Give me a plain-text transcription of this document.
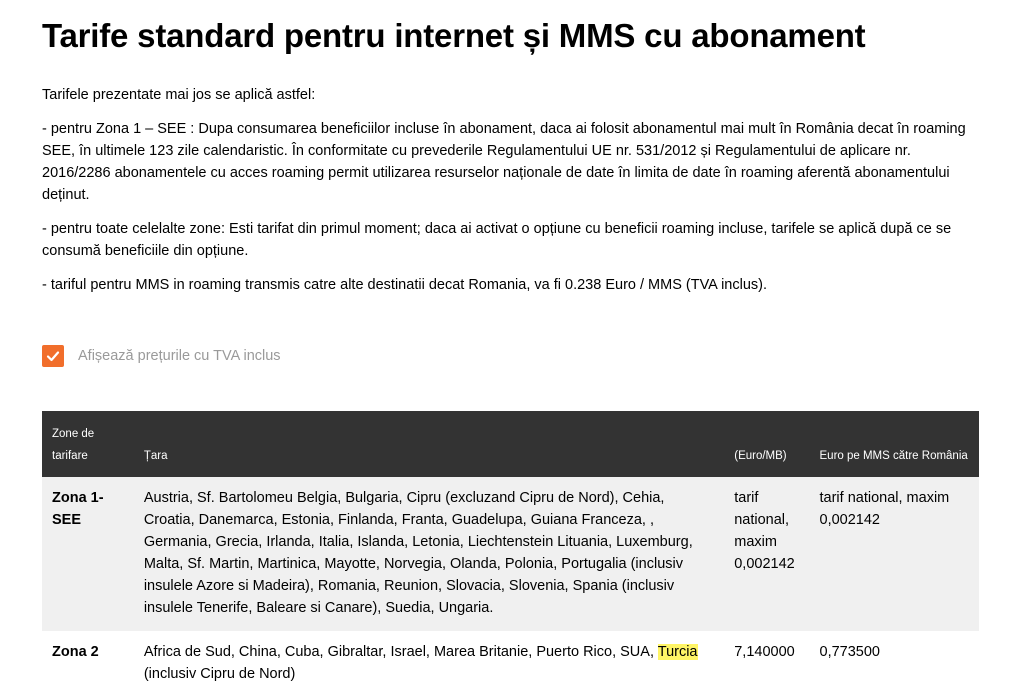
Tarife standard pentru internet și MMS cu abonament

Tarifele prezentate mai jos se aplică astfel:

- pentru Zona 1 – SEE : Dupa consumarea beneficiilor incluse în abonament, daca ai folosit abonamentul mai mult în România decat în roaming SEE, în ultimele 123 zile calendaristic. În conformitate cu prevederile Regulamentului UE nr. 531/2012 și Regulamentului de aplicare nr. 2016/2286 abonamentele cu acces roaming permit utilizarea resurselor naționale de date în limita de date în roaming aferentă abonamentului deținut.

- pentru toate celelalte zone: Esti tarifat din primul moment; daca ai activat o opțiune cu beneficii roaming incluse, tarifele se aplică după ce se consumă beneficiile din opțiune.

- tariful pentru MMS in roaming transmis catre alte destinatii decat Romania, va fi 0.238 Euro / MMS (TVA inclus).

Afișează prețurile cu TVA inclus
Zone de tarifare	Țara	(Euro/MB)	Euro pe MMS către România
Zona 1-SEE	Austria, Sf. Bartolomeu Belgia, Bulgaria, Cipru (excluzand Cipru de Nord), Cehia, Croatia, Danemarca, Estonia, Finlanda, Franta, Guadelupa, Guiana Franceza, , Germania, Grecia, Irlanda, Italia, Islanda, Letonia, Liechtenstein Lituania, Luxemburg, Malta, Sf. Martin, Martinica, Mayotte, Norvegia, Olanda, Polonia, Portugalia (inclusiv insulele Azore si Madeira), Romania, Reunion, Slovacia, Slovenia, Spania (inclusiv insulele Tenerife, Baleare si Canare), Suedia, Ungaria.	tarif national, maxim 0,002142	tarif national, maxim 0,002142
Zona 2	Africa de Sud, China, Cuba, Gibraltar, Israel, Marea Britanie, Puerto Rico, SUA, Turcia (inclusiv Cipru de Nord)	7,140000	0,773500
